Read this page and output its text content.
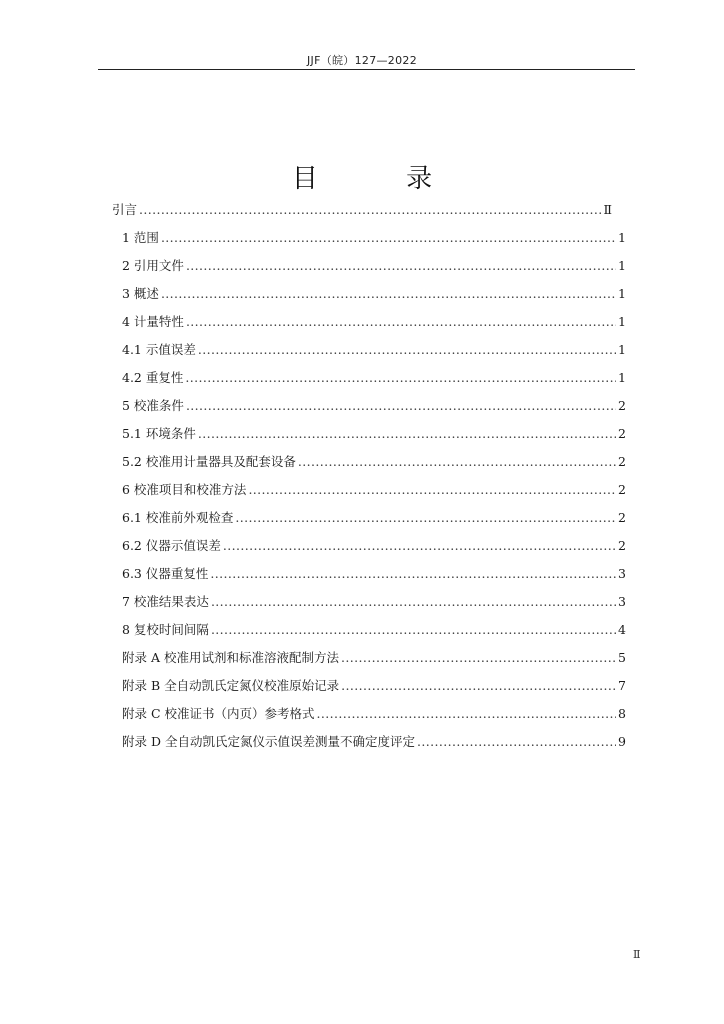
JJF（皖）127—2022
目 录
引言 .....	Ⅱ
1 范围 .....	1
2 引用文件 .....	1
3 概述 .....	1
4 计量特性 .....	1
4.1 示值误差 .....	1
4.2 重复性 .....	1
5 校准条件 .....	2
5.1 环境条件 .....	2
5.2 校准用计量器具及配套设备 .....	2
6 校准项目和校准方法 .....	2
6.1 校准前外观检查 .....	2
6.2 仪器示值误差 .....	2
6.3 仪器重复性 .....	3
7 校准结果表达 .....	3
8 复校时间间隔 .....	4
附录 A 校准用试剂和标准溶液配制方法 .....	5
附录 B 全自动凯氏定氮仪校准原始记录 .....	7
附录 C 校准证书（内页）参考格式 .....	8
附录 D 全自动凯氏定氮仪示值误差测量不确定度评定 .....	9
Ⅱ
